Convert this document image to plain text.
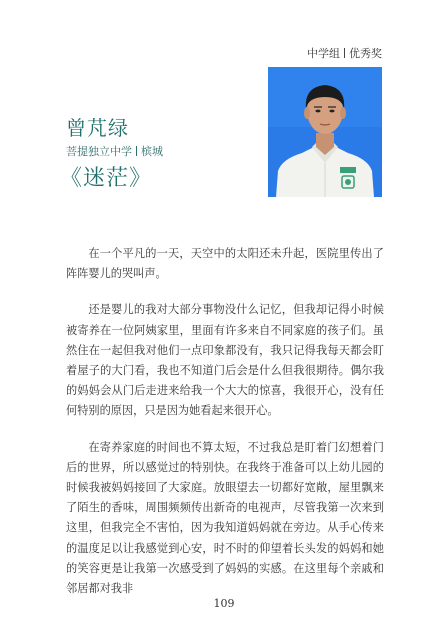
中学组 优秀奖
曾芃绿
菩提独立中学 槟城
《迷茫》

在一个平凡的一天，天空中的太阳还未升起，医院里传出了阵阵婴儿的哭叫声。

还是婴儿的我对大部分事物没什么记忆，但我却记得小时候被寄养在一位阿姨家里，里面有许多来自不同家庭的孩子们。虽然住在一起但我对他们一点印象都没有，我只记得我每天都会盯着屋子的大门看，我也不知道门后会是什么但我很期待。偶尔我的妈妈会从门后走进来给我一个大大的惊喜，我很开心，没有任何特别的原因，只是因为她看起来很开心。

在寄养家庭的时间也不算太短，不过我总是盯着门幻想着门后的世界，所以感觉过的特别快。在我终于准备可以上幼儿园的时候我被妈妈接回了大家庭。放眼望去一切都好宽敞，屋里飘来了陌生的香味，周围频频传出新奇的电视声，尽管我第一次来到这里，但我完全不害怕，因为我知道妈妈就在旁边。从手心传来的温度足以让我感觉到心安，时不时的仰望着长头发的妈妈和她的笑容更是让我第一次感受到了妈妈的实感。在这里每个亲戚和邻居都对我非

109
